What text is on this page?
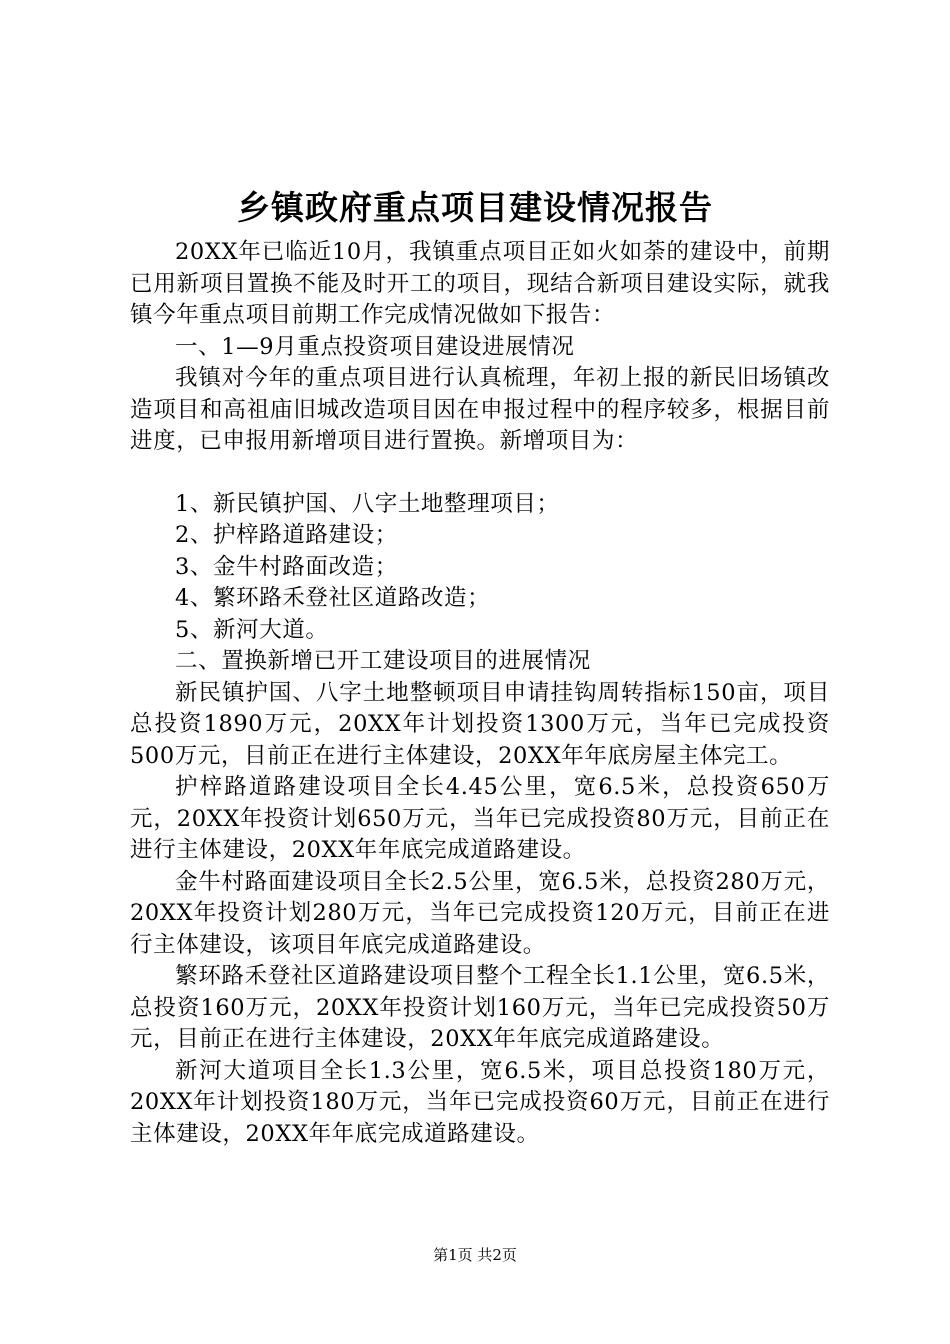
乡镇政府重点项目建设情况报告

20XX年已临近10月，我镇重点项目正如火如荼的建设中，前期已用新项目置换不能及时开工的项目，现结合新项目建设实际，就我镇今年重点项目前期工作完成情况做如下报告：

一、1—9月重点投资项目建设进展情况

我镇对今年的重点项目进行认真梳理，年初上报的新民旧场镇改造项目和高祖庙旧城改造项目因在申报过程中的程序较多，根据目前进度，已申报用新增项目进行置换。新增项目为：

1、新民镇护国、八字土地整理项目；

2、护梓路道路建设；

3、金牛村路面改造；

4、繁环路禾登社区道路改造；

5、新河大道。

二、置换新增已开工建设项目的进展情况

新民镇护国、八字土地整顿项目申请挂钩周转指标150亩，项目总投资1890万元，20XX年计划投资1300万元，当年已完成投资500万元，目前正在进行主体建设，20XX年年底房屋主体完工。

护梓路道路建设项目全长4.45公里，宽6.5米，总投资650万元，20XX年投资计划650万元，当年已完成投资80万元，目前正在进行主体建设，20XX年年底完成道路建设。

金牛村路面建设项目全长2.5公里，宽6.5米，总投资280万元，20XX年投资计划280万元，当年已完成投资120万元，目前正在进行主体建设，该项目年底完成道路建设。

繁环路禾登社区道路建设项目整个工程全长1.1公里，宽6.5米，总投资160万元，20XX年投资计划160万元，当年已完成投资50万元，目前正在进行主体建设，20XX年年底完成道路建设。

新河大道项目全长1.3公里，宽6.5米，项目总投资180万元，20XX年计划投资180万元，当年已完成投资60万元，目前正在进行主体建设，20XX年年底完成道路建设。

第1页 共2页
